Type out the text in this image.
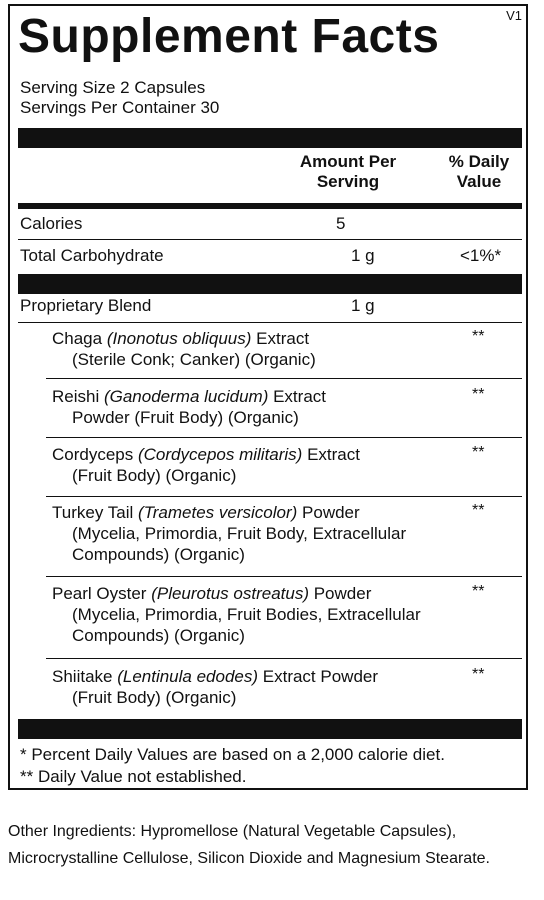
V1
Supplement Facts
Serving Size 2 Capsules
Servings Per Container 30
Amount Per
Serving
% Daily
Value
Calories	5
Total Carbohydrate	1 g	<1%*
Proprietary Blend	1 g
Chaga (Inonotus obliquus) Extract
(Sterile Conk; Canker) (Organic)
**
Reishi (Ganoderma lucidum) Extract
Powder (Fruit Body) (Organic)
**
Cordyceps (Cordycepos militaris) Extract
(Fruit Body) (Organic)
**
Turkey Tail (Trametes versicolor) Powder
(Mycelia, Primordia, Fruit Body, Extracellular
Compounds) (Organic)
**
Pearl Oyster (Pleurotus ostreatus) Powder
(Mycelia, Primordia, Fruit Bodies, Extracellular
Compounds) (Organic)
**
Shiitake (Lentinula edodes) Extract Powder
(Fruit Body) (Organic)
**
* Percent Daily Values are based on a 2,000 calorie diet.
** Daily Value not established.
Other Ingredients: Hypromellose (Natural Vegetable Capsules), Microcrystalline Cellulose, Silicon Dioxide and Magnesium Stearate.
